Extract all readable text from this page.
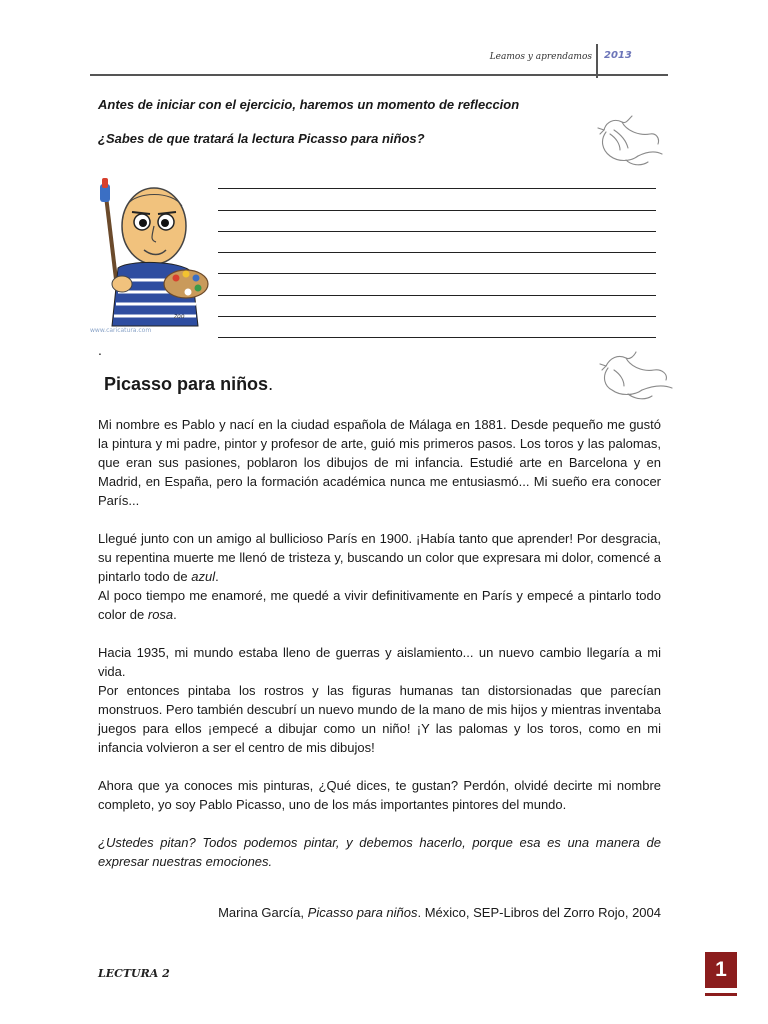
Leamos y aprendamos 2013
Antes de iniciar con el ejercicio, haremos un momento de refleccion
¿Sabes de que tratará la lectura Picasso para niños?
zoo
www.caricatura.com
.
Picasso para niños.

Mi nombre es Pablo y nací en la ciudad española de Málaga en 1881. Desde pequeño me gustó la pintura y mi padre, pintor y profesor de arte, guió mis primeros pasos. Los toros y las palomas, que eran sus pasiones, poblaron los dibujos de mi infancia. Estudié arte en Barcelona y en Madrid, en España, pero la formación académica nunca me entusiasmó... Mi sueño era conocer París...

Llegué junto con un amigo al bullicioso París en 1900. ¡Había tanto que aprender! Por desgracia, su repentina muerte me llenó de tristeza y, buscando un color que expresara mi dolor, comencé a pintarlo todo de azul.

Al poco tiempo me enamoré, me quedé a vivir definitivamente en París y empecé a pintarlo todo color de rosa.

Hacia 1935, mi mundo estaba lleno de guerras y aislamiento... un nuevo cambio llegaría a mi vida.

Por entonces pintaba los rostros y las figuras humanas tan distorsionadas que parecían monstruos. Pero también descubrí un nuevo mundo de la mano de mis hijos y mientras inventaba juegos para ellos ¡empecé a dibujar como un niño! ¡Y las palomas y los toros, como en mi infancia volvieron a ser el centro de mis dibujos!

Ahora que ya conoces mis pinturas, ¿Qué dices, te gustan? Perdón, olvidé decirte mi nombre completo, yo soy Pablo Picasso, uno de los más importantes pintores del mundo.

¿Ustedes pitan? Todos podemos pintar, y debemos hacerlo, porque esa es una manera de expresar nuestras emociones.

Marina García, Picasso para niños. México, SEP-Libros del Zorro Rojo, 2004
LECTURA 2	1
